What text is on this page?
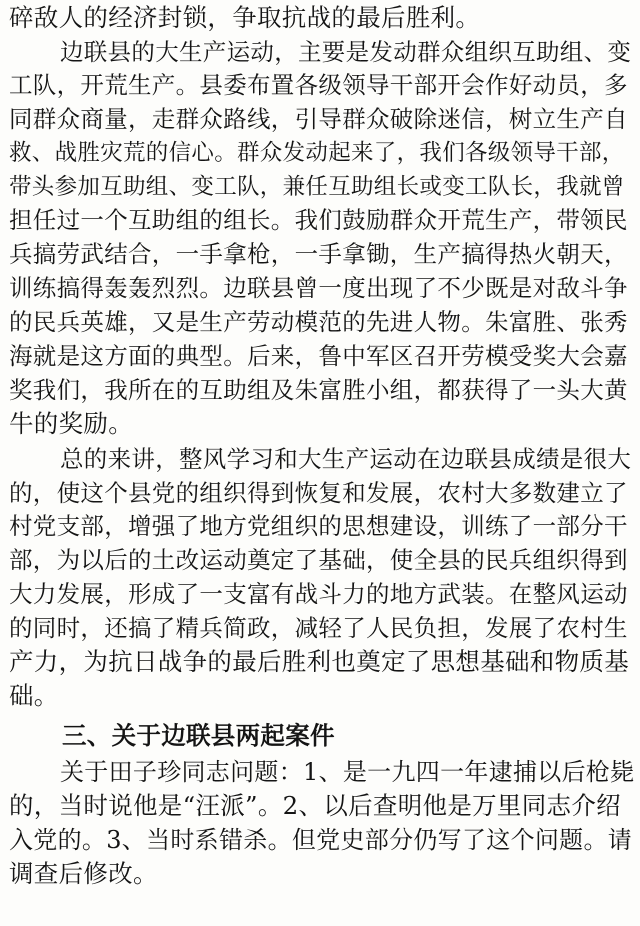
碎敌人的经济封锁，争取抗战的最后胜利。
边联县的大生产运动，主要是发动群众组织互助组、变
工队，开荒生产。县委布置各级领导干部开会作好动员，多
同群众商量，走群众路线，引导群众破除迷信，树立生产自
救、战胜灾荒的信心。群众发动起来了，我们各级领导干部，
带头参加互助组、变工队，兼任互助组长或变工队长，我就曾
担任过一个互助组的组长。我们鼓励群众开荒生产，带领民
兵搞劳武结合，一手拿枪，一手拿锄，生产搞得热火朝天，
训练搞得轰轰烈烈。边联县曾一度出现了不少既是对敌斗争
的民兵英雄，又是生产劳动模范的先进人物。朱富胜、张秀
海就是这方面的典型。后来，鲁中军区召开劳模受奖大会嘉
奖我们，我所在的互助组及朱富胜小组，都获得了一头大黄
牛的奖励。
总的来讲，整风学习和大生产运动在边联县成绩是很大
的，使这个县党的组织得到恢复和发展，农村大多数建立了
村党支部，增强了地方党组织的思想建设，训练了一部分干
部，为以后的土改运动奠定了基础，使全县的民兵组织得到
大力发展，形成了一支富有战斗力的地方武装。在整风运动
的同时，还搞了精兵简政，减轻了人民负担，发展了农村生
产力，为抗日战争的最后胜利也奠定了思想基础和物质基
础。
三、关于边联县两起案件
关于田子珍同志问题：1、是一九四一年逮捕以后枪毙
的，当时说他是“汪派”。2、以后查明他是万里同志介绍
入党的。3、当时系错杀。但党史部分仍写了这个问题。请
调查后修改。
